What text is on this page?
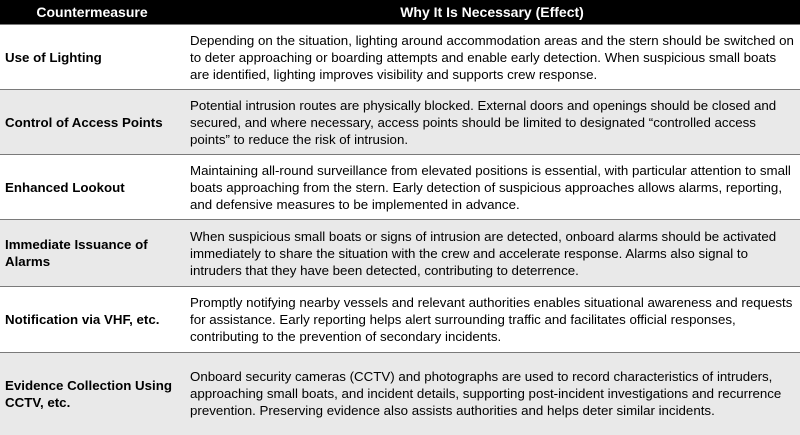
Countermeasure	Why It Is Necessary (Effect)
Use of Lighting	Depending on the situation, lighting around accommodation areas and the stern should be switched on to deter approaching or boarding attempts and enable early detection. When suspicious small boats are identified, lighting improves visibility and supports crew response.
Control of Access Points	Potential intrusion routes are physically blocked. External doors and openings should be closed and secured, and where necessary, access points should be limited to designated “controlled access points” to reduce the risk of intrusion.
Enhanced Lookout	Maintaining all-round surveillance from elevated positions is essential, with particular attention to small boats approaching from the stern. Early detection of suspicious approaches allows alarms, reporting, and defensive measures to be implemented in advance.
Immediate Issuance of Alarms	When suspicious small boats or signs of intrusion are detected, onboard alarms should be activated immediately to share the situation with the crew and accelerate response. Alarms also signal to intruders that they have been detected, contributing to deterrence.
Notification via VHF, etc.	Promptly notifying nearby vessels and relevant authorities enables situational awareness and requests for assistance. Early reporting helps alert surrounding traffic and facilitates official responses, contributing to the prevention of secondary incidents.
Evidence Collection Using CCTV, etc.	Onboard security cameras (CCTV) and photographs are used to record characteristics of intruders, approaching small boats, and incident details, supporting post-incident investigations and recurrence prevention. Preserving evidence also assists authorities and helps deter similar incidents.
